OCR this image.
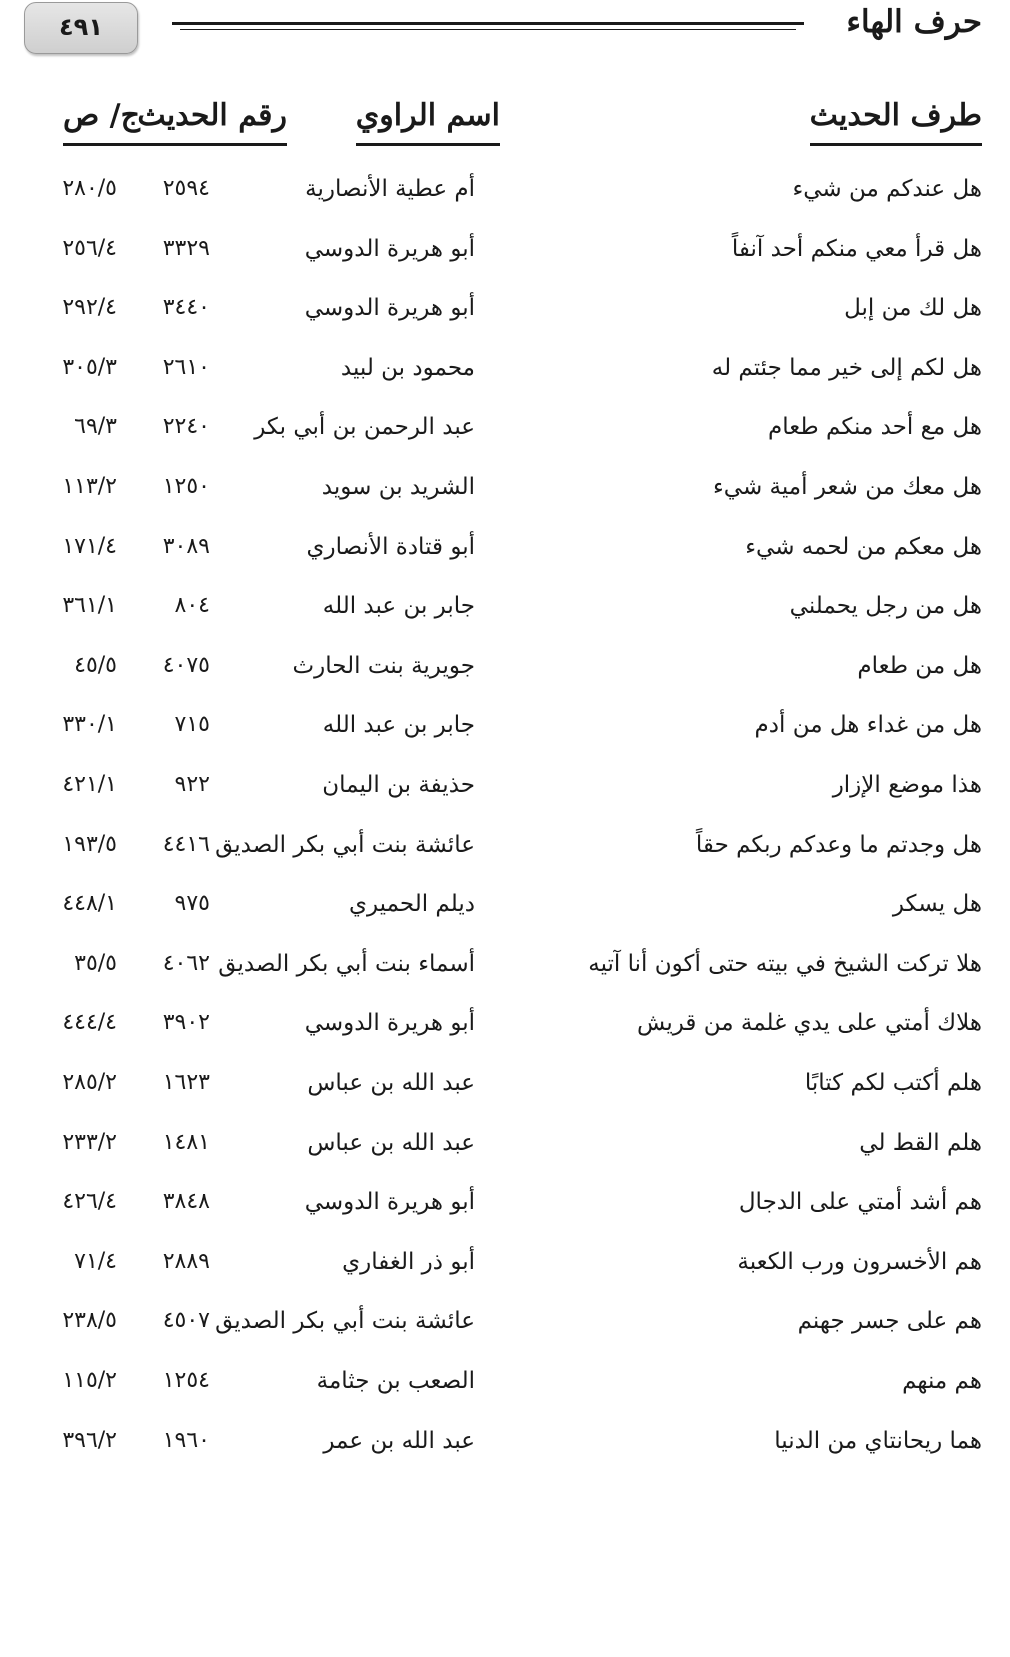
٤٩١	حرف الهاء
طرف الحديث
اسم الراوي
رقم الحديث
ج/ ص
هل عندكم من شيء
أم عطية الأنصارية
٢٥٩٤
٢٨٠/٥
هل قرأ معي منكم أحد آنفاً
أبو هريرة الدوسي
٣٣٢٩
٢٥٦/٤
هل لك من إبل
أبو هريرة الدوسي
٣٤٤٠
٢٩٢/٤
هل لكم إلى خير مما جئتم له
محمود بن لبيد
٢٦١٠
٣٠٥/٣
هل مع أحد منكم طعام
عبد الرحمن بن أبي بكر
٢٢٤٠
٦٩/٣
هل معك من شعر أمية شيء
الشريد بن سويد
١٢٥٠
١١٣/٢
هل معكم من لحمه شيء
أبو قتادة الأنصاري
٣٠٨٩
١٧١/٤
هل من رجل يحملني
جابر بن عبد الله
٨٠٤
٣٦١/١
هل من طعام
جويرية بنت الحارث
٤٠٧٥
٤٥/٥
هل من غداء هل من أدم
جابر بن عبد الله
٧١٥
٣٣٠/١
هذا موضع الإزار
حذيفة بن اليمان
٩٢٢
٤٢١/١
هل وجدتم ما وعدكم ربكم حقاً
عائشة بنت أبي بكر الصديق
٤٤١٦
١٩٣/٥
هل يسكر
ديلم الحميري
٩٧٥
٤٤٨/١
هلا تركت الشيخ في بيته حتى أكون أنا آتيه
أسماء بنت أبي بكر الصديق
٤٠٦٢
٣٥/٥
هلاك أمتي على يدي غلمة من قريش
أبو هريرة الدوسي
٣٩٠٢
٤٤٤/٤
هلم أكتب لكم كتابًا
عبد الله بن عباس
١٦٢٣
٢٨٥/٢
هلم القط لي
عبد الله بن عباس
١٤٨١
٢٣٣/٢
هم أشد أمتي على الدجال
أبو هريرة الدوسي
٣٨٤٨
٤٢٦/٤
هم الأخسرون ورب الكعبة
أبو ذر الغفاري
٢٨٨٩
٧١/٤
هم على جسر جهنم
عائشة بنت أبي بكر الصديق
٤٥٠٧
٢٣٨/٥
هم منهم
الصعب بن جثامة
١٢٥٤
١١٥/٢
هما ريحانتاي من الدنيا
عبد الله بن عمر
١٩٦٠
٣٩٦/٢
